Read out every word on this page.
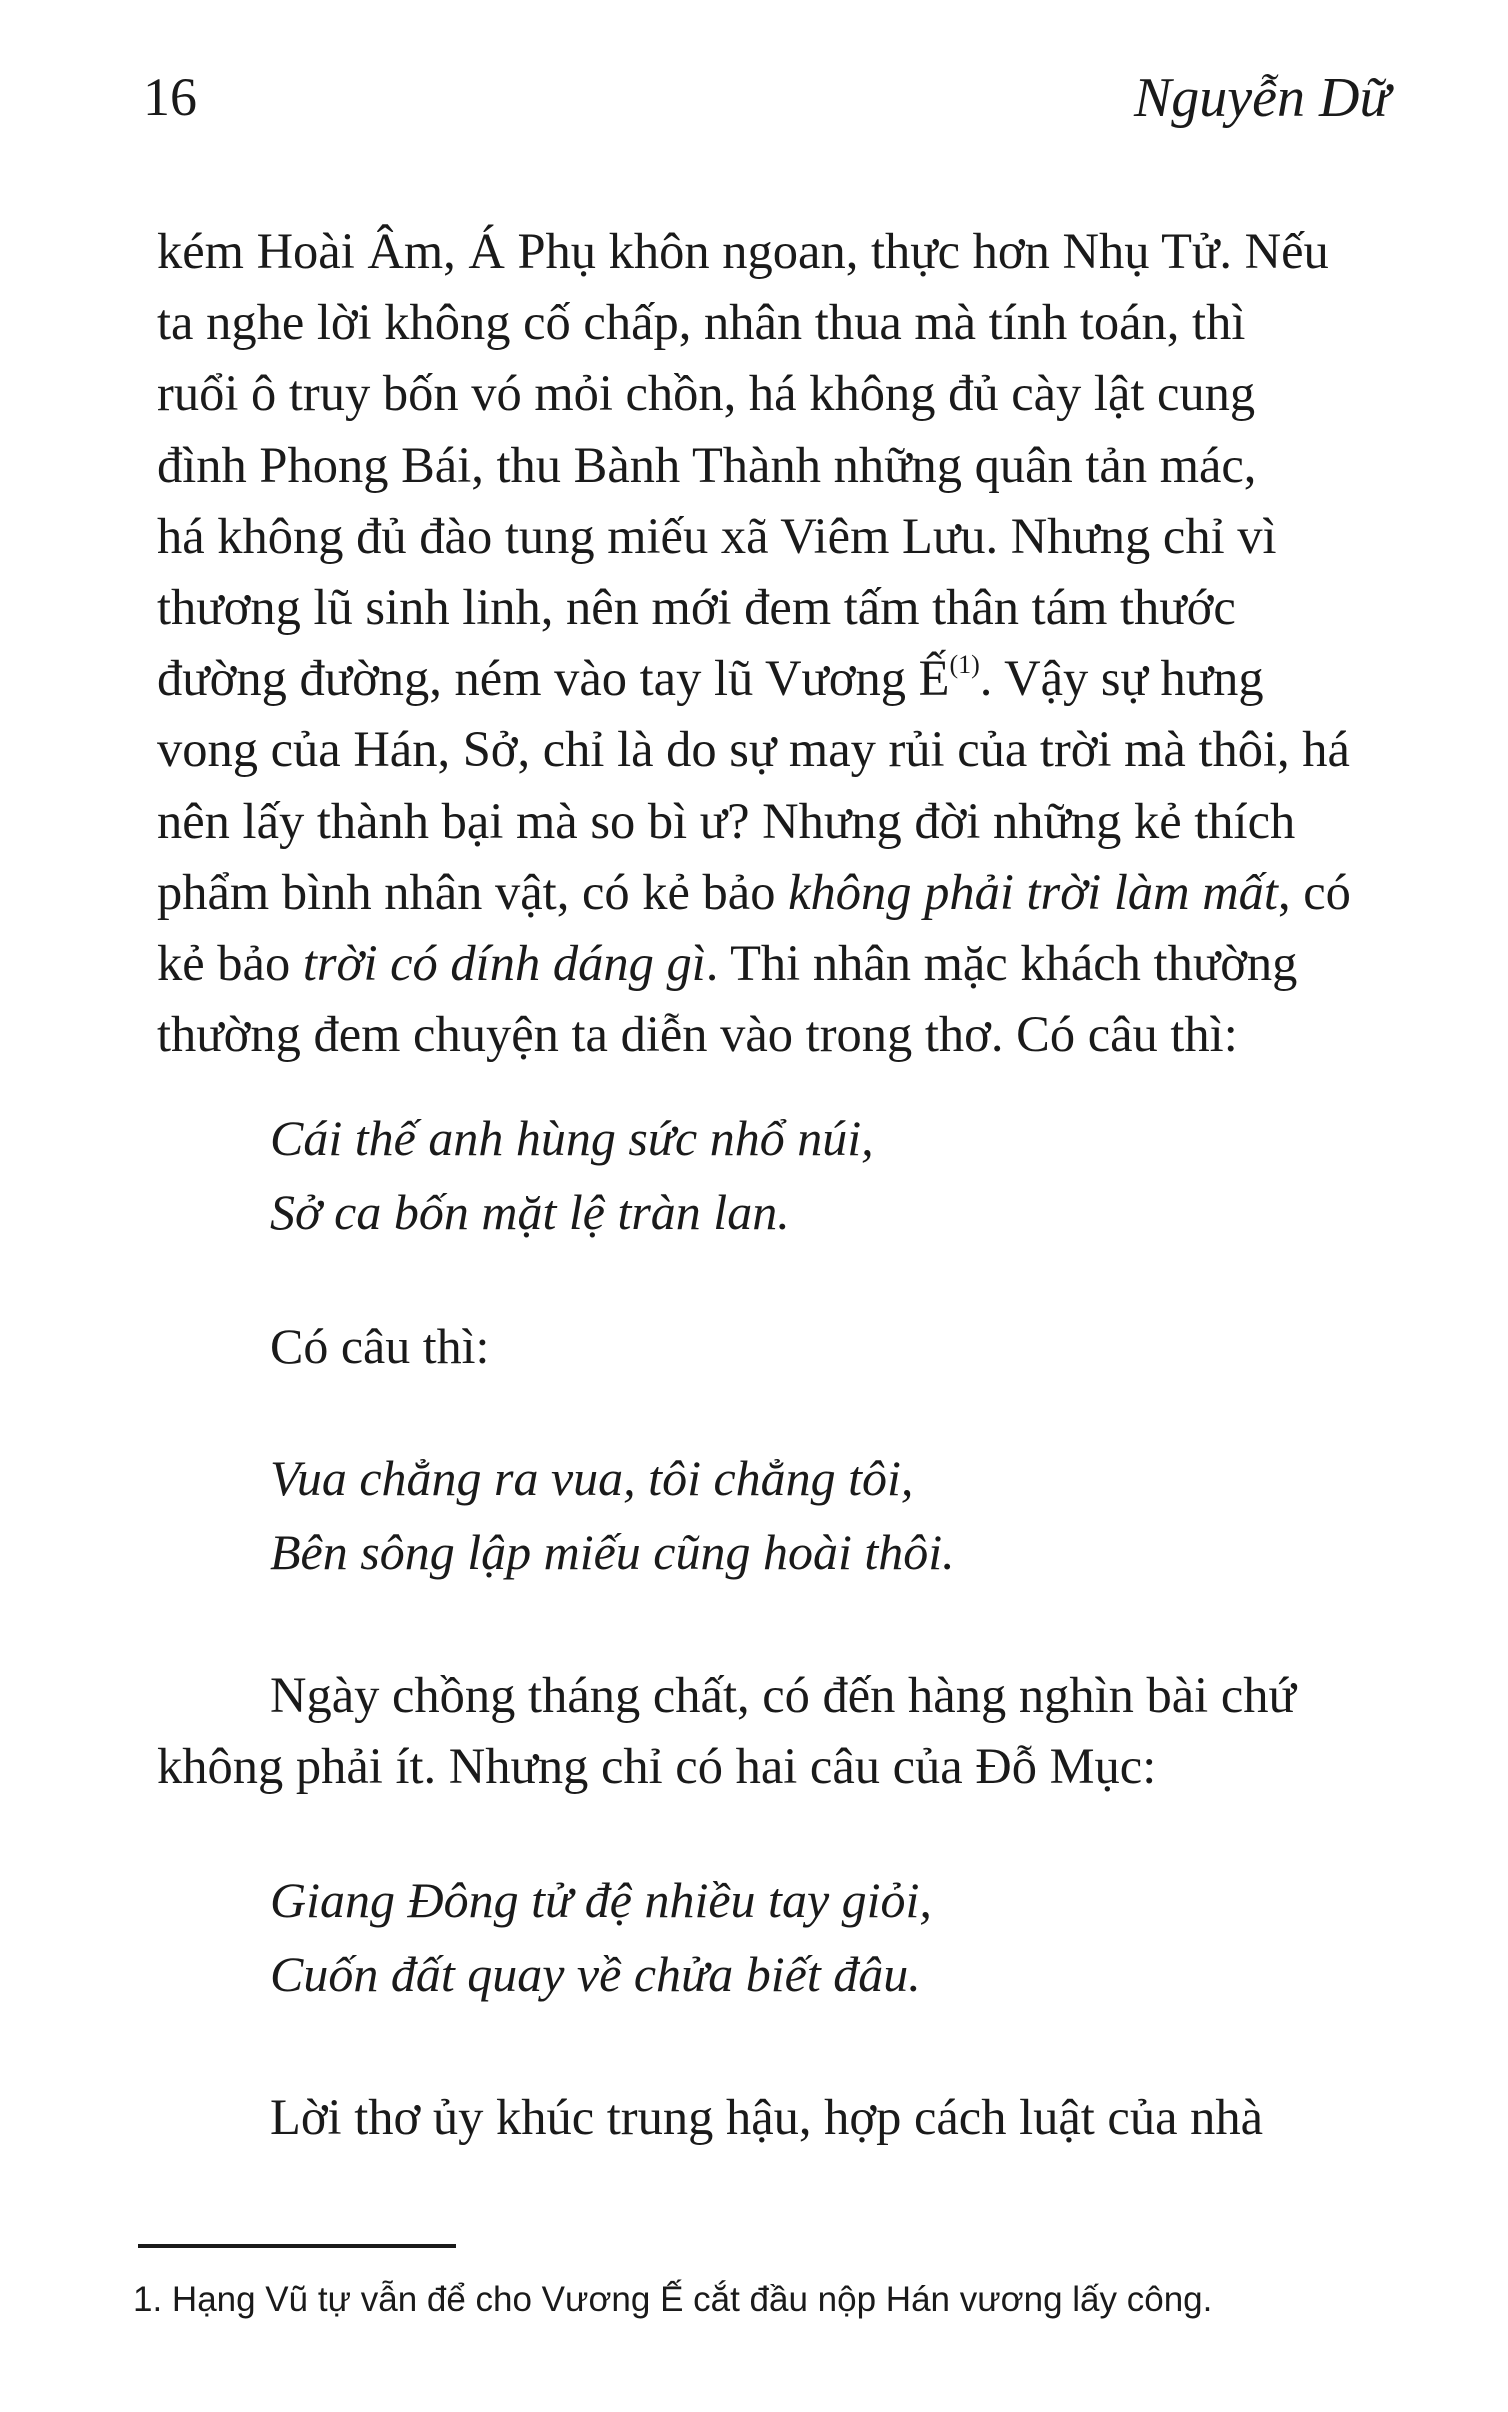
16	Nguyễn Dữ
kém Hoài Âm, Á Phụ khôn ngoan, thực hơn Nhụ Tử. Nếu
ta nghe lời không cố chấp, nhân thua mà tính toán, thì
ruổi ô truy bốn vó mỏi chồn, há không đủ cày lật cung
đình Phong Bái, thu Bành Thành những quân tản mác,
há không đủ đào tung miếu xã Viêm Lưu. Nhưng chỉ vì
thương lũ sinh linh, nên mới đem tấm thân tám thước
đường đường, ném vào tay lũ Vương Ế$^{(1)}$. Vậy sự hưng
vong của Hán, Sở, chỉ là do sự may rủi của trời mà thôi, há
nên lấy thành bại mà so bì ư? Nhưng đời những kẻ thích
phẩm bình nhân vật, có kẻ bảo không phải trời làm mất, có
kẻ bảo trời có dính dáng gì. Thi nhân mặc khách thường
thường đem chuyện ta diễn vào trong thơ. Có câu thì:
Cái thế anh hùng sức nhổ núi,
Sở ca bốn mặt lệ tràn lan.
Có câu thì:
Vua chẳng ra vua, tôi chẳng tôi,
Bên sông lập miếu cũng hoài thôi.
Ngày chồng tháng chất, có đến hàng nghìn bài chứ
không phải ít. Nhưng chỉ có hai câu của Đỗ Mục:
Giang Đông tử đệ nhiều tay giỏi,
Cuốn đất quay về chửa biết đâu.
Lời thơ ủy khúc trung hậu, hợp cách luật của nhà
1. Hạng Vũ tự vẫn để cho Vương Ế cắt đầu nộp Hán vương lấy công.
